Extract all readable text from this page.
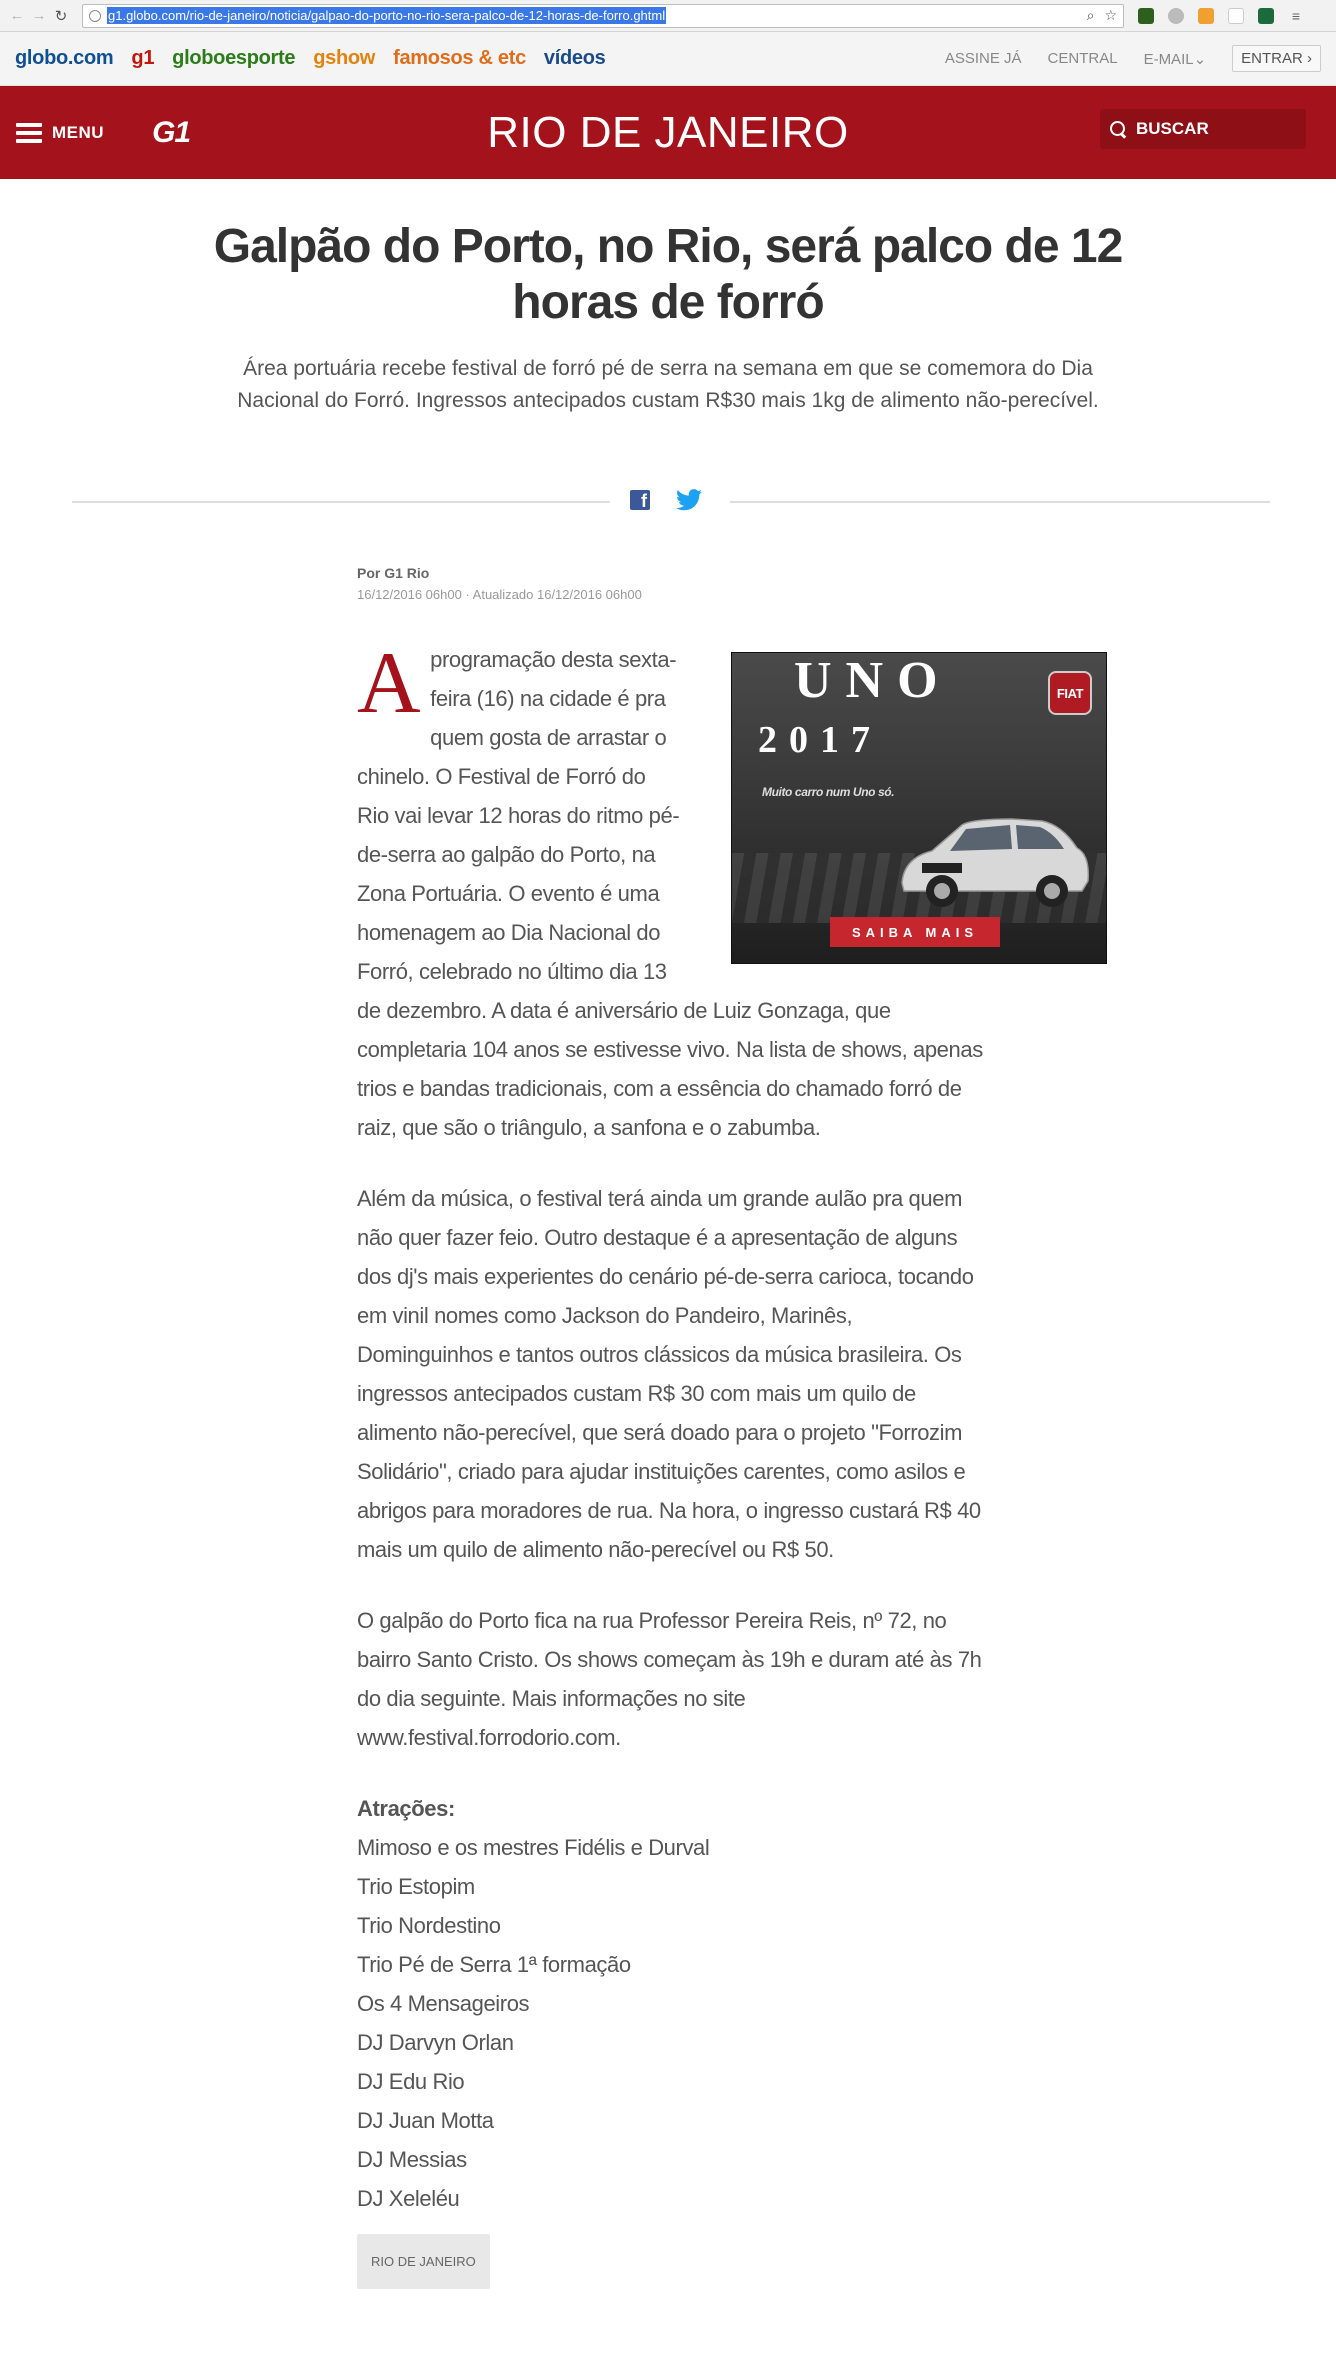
← → ↻	g1.globo.com/rio-de-janeiro/noticia/galpao-do-porto-no-rio-sera-palco-de-12-horas-de-forro.ghtml	⌕ ☆	≡
globo.com g1 globoesporte gshow famosos & etc vídeos	ASSINE JÁ CENTRAL E-MAIL⌄	ENTRAR ›
MENU G1	RIO DE JANEIRO
BUSCAR
Galpão do Porto, no Rio, será palco de 12 horas de forró
Área portuária recebe festival de forró pé de serra na semana em que se comemora do Dia Nacional do Forró. Ingressos antecipados custam R$30 mais 1kg de alimento não-perecível.
f
Por G1 Rio
16/12/2016 06h00 · Atualizado 16/12/2016 06h00
UNO
2017
Muito carro num Uno só.
FIAT
SAIBA MAIS

Aprogramação desta sexta-feira (16) na cidade é pra quem gosta de arrastar o chinelo. O Festival de Forró do Rio vai levar 12 horas do ritmo pé-de-serra ao galpão do Porto, na Zona Portuária. O evento é uma homenagem ao Dia Nacional do Forró, celebrado no último dia 13 de dezembro. A data é aniversário de Luiz Gonzaga, que completaria 104 anos se estivesse vivo. Na lista de shows, apenas trios e bandas tradicionais, com a essência do chamado forró de raiz, que são o triângulo, a sanfona e o zabumba.

Além da música, o festival terá ainda um grande aulão pra quem não quer fazer feio. Outro destaque é a apresentação de alguns dos dj's mais experientes do cenário pé-de-serra carioca, tocando em vinil nomes como Jackson do Pandeiro, Marinês, Dominguinhos e tantos outros clássicos da música brasileira. Os ingressos antecipados custam R$ 30 com mais um quilo de alimento não-perecível, que será doado para o projeto "Forrozim Solidário", criado para ajudar instituições carentes, como asilos e abrigos para moradores de rua. Na hora, o ingresso custará R$ 40 mais um quilo de alimento não-perecível ou R$ 50.

O galpão do Porto fica na rua Professor Pereira Reis, nº 72, no bairro Santo Cristo. Os shows começam às 19h e duram até às 7h do dia seguinte. Mais informações no site www.festival.forrodorio.com.

Atrações:
Mimoso e os mestres Fidélis e Durval
Trio Estopim
Trio Nordestino
Trio Pé de Serra 1ª formação
Os 4 Mensageiros
DJ Darvyn Orlan
DJ Edu Rio
DJ Juan Motta
DJ Messias
DJ Xeleléu
RIO DE JANEIRO
